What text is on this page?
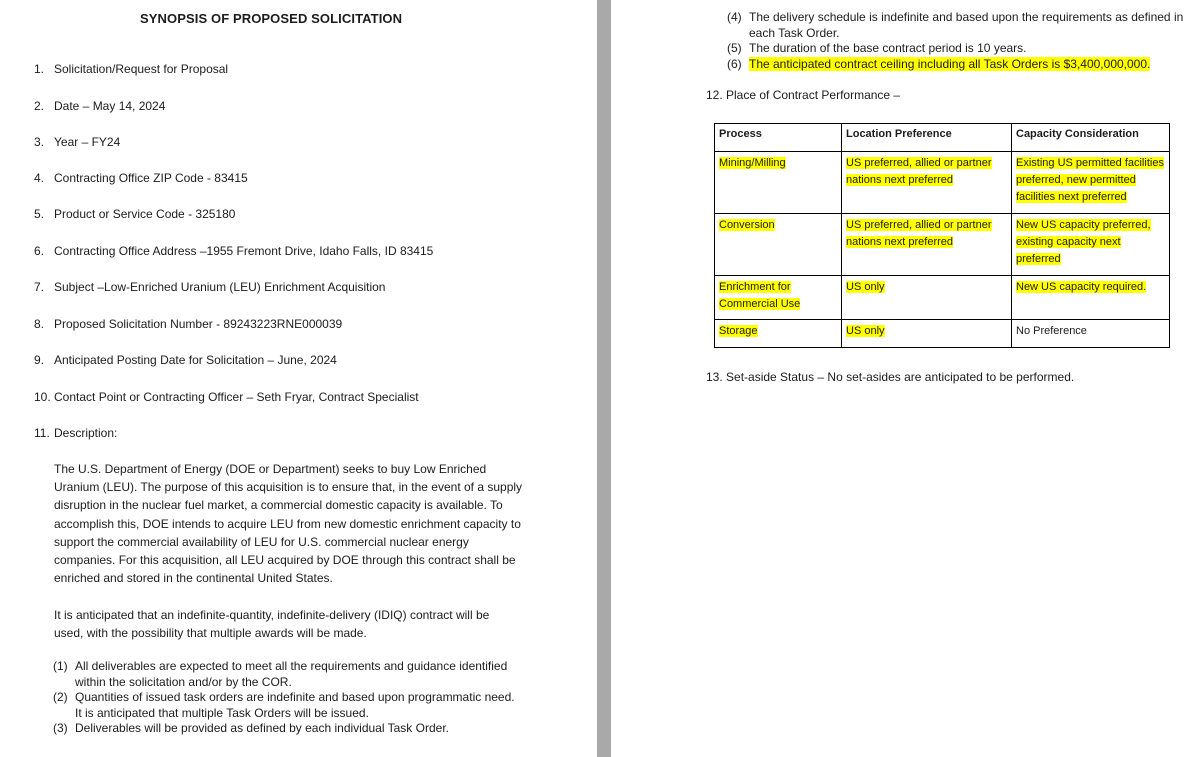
SYNOPSIS OF PROPOSED SOLICITATION
1. Solicitation/Request for Proposal
2. Date – May 14, 2024
3. Year – FY24
4. Contracting Office ZIP Code - 83415
5. Product or Service Code - 325180
6. Contracting Office Address –1955 Fremont Drive, Idaho Falls, ID 83415
7. Subject –Low-Enriched Uranium (LEU) Enrichment Acquisition
8. Proposed Solicitation Number - 89243223RNE000039
9. Anticipated Posting Date for Solicitation – June, 2024
10. Contact Point or Contracting Officer – Seth Fryar, Contract Specialist
11. Description:
The U.S. Department of Energy (DOE or Department) seeks to buy Low Enriched
Uranium (LEU). The purpose of this acquisition is to ensure that, in the event of a supply
disruption in the nuclear fuel market, a commercial domestic capacity is available. To
accomplish this, DOE intends to acquire LEU from new domestic enrichment capacity to
support the commercial availability of LEU for U.S. commercial nuclear energy
companies. For this acquisition, all LEU acquired by DOE through this contract shall be
enriched and stored in the continental United States.
It is anticipated that an indefinite-quantity, indefinite-delivery (IDIQ) contract will be
used, with the possibility that multiple awards will be made.
(1) All deliverables are expected to meet all the requirements and guidance identified
within the solicitation and/or by the COR.
(2) Quantities of issued task orders are indefinite and based upon programmatic need.
It is anticipated that multiple Task Orders will be issued.
(3) Deliverables will be provided as defined by each individual Task Order.
(4) The delivery schedule is indefinite and based upon the requirements as defined in
each Task Order.
(5) The duration of the base contract period is 10 years.
(6) The anticipated contract ceiling including all Task Orders is $3,400,000,000.
12. Place of Contract Performance –
Process	Location Preference	Capacity Consideration
Mining/Milling	US preferred, allied or partner nations next preferred	Existing US permitted facilities preferred, new permitted facilities next preferred
Conversion	US preferred, allied or partner nations next preferred	New US capacity preferred, existing capacity next preferred
Enrichment for Commercial Use	US only	New US capacity required.
Storage	US only	No Preference
13. Set-aside Status – No set-asides are anticipated to be performed.
